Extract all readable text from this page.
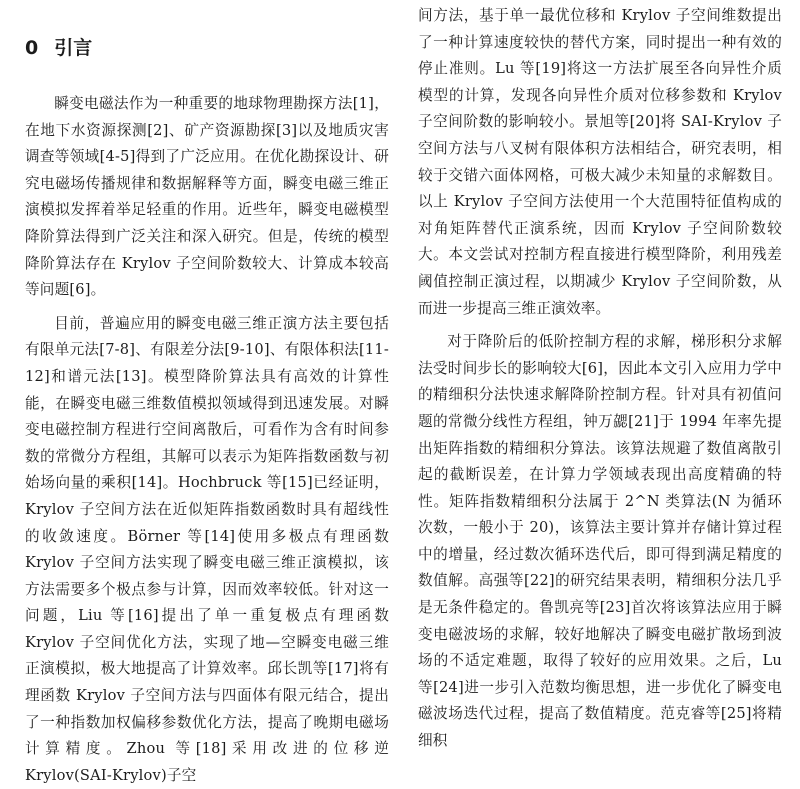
0 引言

瞬变电磁法作为一种重要的地球物理勘探方法[1]，在地下水资源探测[2]、矿产资源勘探[3]以及地质灾害调查等领域[4-5]得到了广泛应用。在优化勘探设计、研究电磁场传播规律和数据解释等方面，瞬变电磁三维正演模拟发挥着举足轻重的作用。近些年，瞬变电磁模型降阶算法得到广泛关注和深入研究。但是，传统的模型降阶算法存在 Krylov 子空间阶数较大、计算成本较高等问题[6]。

目前，普遍应用的瞬变电磁三维正演方法主要包括有限单元法[7-8]、有限差分法[9-10]、有限体积法[11-12]和谱元法[13]。模型降阶算法具有高效的计算性能，在瞬变电磁三维数值模拟领域得到迅速发展。对瞬变电磁控制方程进行空间离散后，可看作为含有时间参数的常微分方程组，其解可以表示为矩阵指数函数与初始场向量的乘积[14]。Hochbruck 等[15]已经证明，Krylov 子空间方法在近似矩阵指数函数时具有超线性的收敛速度。Börner 等[14]使用多极点有理函数 Krylov 子空间方法实现了瞬变电磁三维正演模拟，该方法需要多个极点参与计算，因而效率较低。针对这一问题，Liu 等[16]提出了单一重复极点有理函数 Krylov 子空间优化方法，实现了地—空瞬变电磁三维正演模拟，极大地提高了计算效率。邱长凯等[17]将有理函数 Krylov 子空间方法与四面体有限元结合，提出了一种指数加权偏移参数优化方法，提高了晚期电磁场计算精度。Zhou 等[18]采用改进的位移逆 Krylov(SAI-Krylov)子空

间方法，基于单一最优位移和 Krylov 子空间维数提出了一种计算速度较快的替代方案，同时提出一种有效的停止准则。Lu 等[19]将这一方法扩展至各向异性介质模型的计算，发现各向异性介质对位移参数和 Krylov 子空间阶数的影响较小。景旭等[20]将 SAI-Krylov 子空间方法与八叉树有限体积方法相结合，研究表明，相较于交错六面体网格，可极大减少未知量的求解数目。以上 Krylov 子空间方法使用一个大范围特征值构成的对角矩阵替代正演系统，因而 Krylov 子空间阶数较大。本文尝试对控制方程直接进行模型降阶，利用残差阈值控制正演过程，以期减少 Krylov 子空间阶数，从而进一步提高三维正演效率。

对于降阶后的低阶控制方程的求解，梯形积分求解法受时间步长的影响较大[6]，因此本文引入应用力学中的精细积分法快速求解降阶控制方程。针对具有初值问题的常微分线性方程组，钟万勰[21]于 1994 年率先提出矩阵指数的精细积分算法。该算法规避了数值离散引起的截断误差，在计算力学领域表现出高度精确的特性。矩阵指数精细积分法属于 2^N 类算法(N 为循环次数，一般小于 20)，该算法主要计算并存储计算过程中的增量，经过数次循环迭代后，即可得到满足精度的数值解。高强等[22]的研究结果表明，精细积分法几乎是无条件稳定的。鲁凯亮等[23]首次将该算法应用于瞬变电磁波场的求解，较好地解决了瞬变电磁扩散场到波场的不适定难题，取得了较好的应用效果。之后，Lu 等[24]进一步引入范数均衡思想，进一步优化了瞬变电磁波场迭代过程，提高了数值精度。范克睿等[25]将精细积
